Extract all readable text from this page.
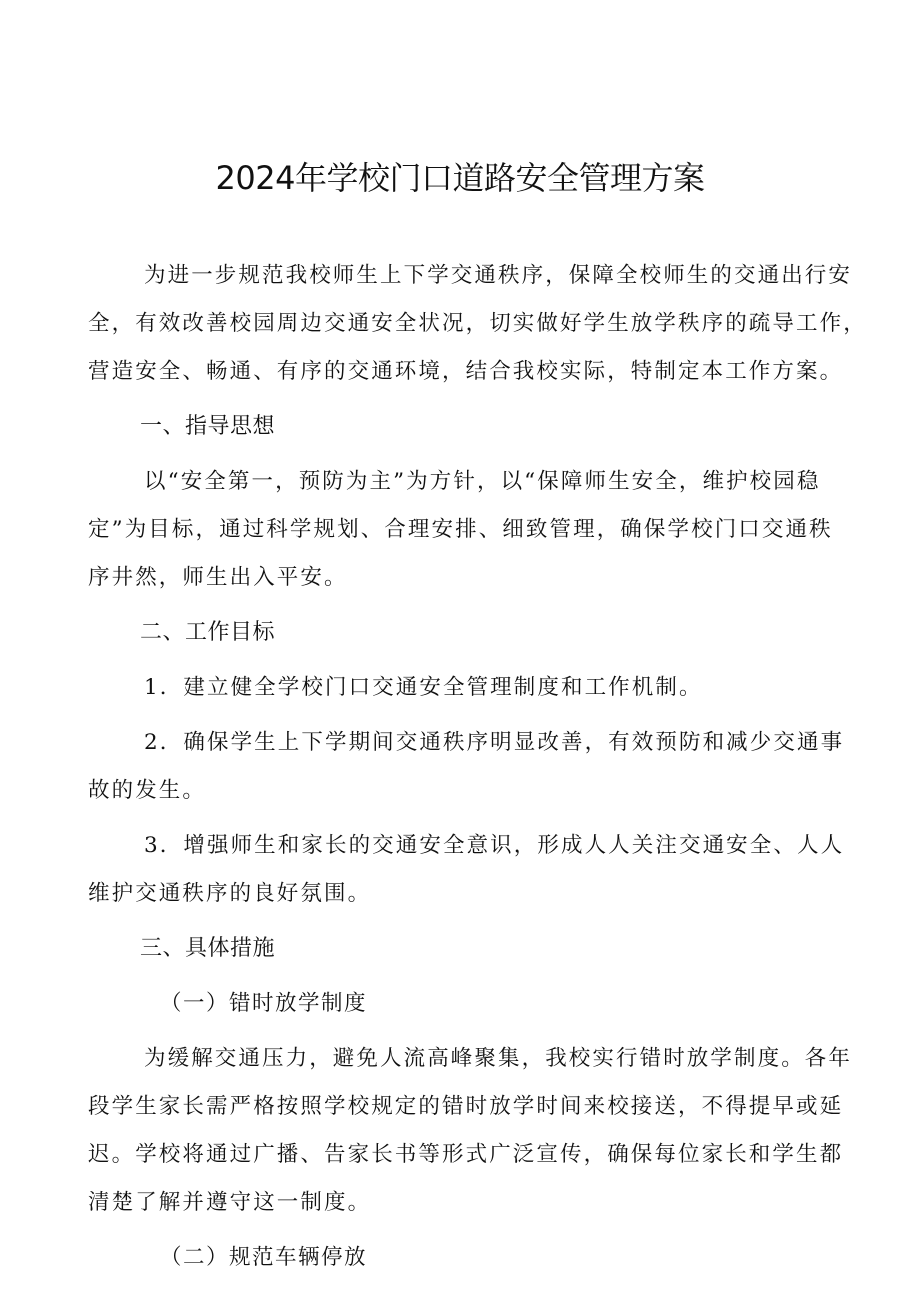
2024年学校门口道路安全管理方案

为进一步规范我校师生上下学交通秩序，保障全校师生的交通出行安
全，有效改善校园周边交通安全状况，切实做好学生放学秩序的疏导工作，
营造安全、畅通、有序的交通环境，结合我校实际，特制定本工作方案。

一、指导思想

以“安全第一，预防为主”为方针，以“保障师生安全，维护校园稳
定”为目标，通过科学规划、合理安排、细致管理，确保学校门口交通秩
序井然，师生出入平安。

二、工作目标

1．建立健全学校门口交通安全管理制度和工作机制。

2．确保学生上下学期间交通秩序明显改善，有效预防和减少交通事
故的发生。

3．增强师生和家长的交通安全意识，形成人人关注交通安全、人人
维护交通秩序的良好氛围。

三、具体措施
（一）错时放学制度

为缓解交通压力，避免人流高峰聚集，我校实行错时放学制度。各年
段学生家长需严格按照学校规定的错时放学时间来校接送，不得提早或延
迟。学校将通过广播、告家长书等形式广泛宣传，确保每位家长和学生都
清楚了解并遵守这一制度。

（二）规范车辆停放
